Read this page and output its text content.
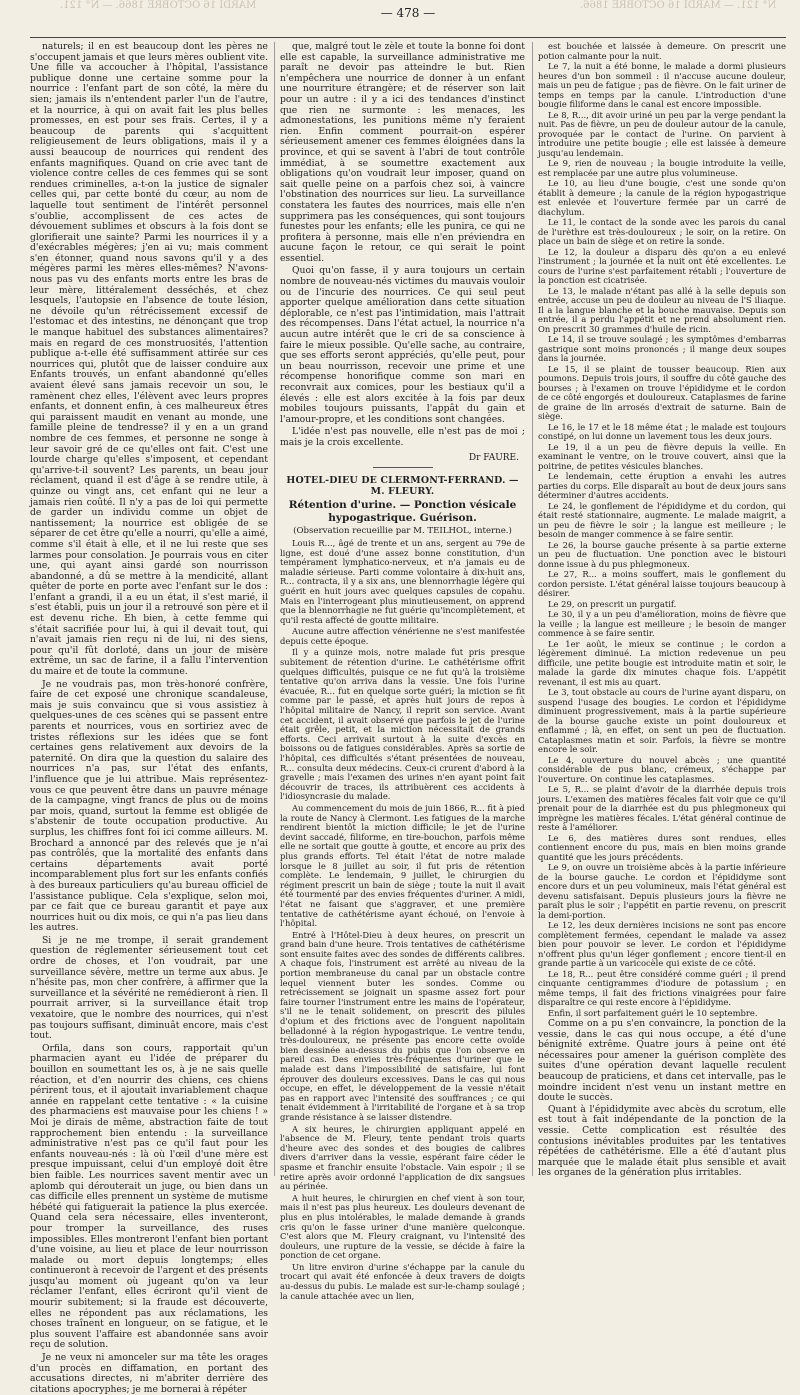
MARDI 16 OCTOBRE 1866. — N° 121.
— 478 —
N° 121. — MARDI 16 OCTOBRE 1866.

naturels; il en est beaucoup dont les pères ne s'occupent jamais et que leurs mères oublient vite. Une fille va accoucher à l'hôpital, l'assistance publique donne une certaine somme pour la nourrice : l'enfant part de son côté, la mère du sien; jamais ils n'entendent parler l'un de l'autre, et la nourrice, à qui on avait fait les plus belles promesses, en est pour ses frais. Certes, il y a beaucoup de parents qui s'acquittent religieusement de leurs obligations, mais il y a aussi beaucoup de nourrices qui rendent des enfants magnifiques. Quand on crie avec tant de violence contre celles de ces femmes qui se sont rendues criminelles, a-t-on la justice de signaler celles qui, par cette bonté du cœur, au nom de laquelle tout sentiment de l'intérêt personnel s'oublie, accomplissent de ces actes de dévouement sublimes et obscurs à la fois dont se glorifierait une sainte? Parmi les nourrices il y a d'exécrables mégères; j'en ai vu; mais comment s'en étonner, quand nous savons qu'il y a des mégères parmi les mères elles-mêmes? N'avons-nous pas vu des enfants morts entre les bras de leur mère, littéralement desséchés, et chez lesquels, l'autopsie en l'absence de toute lésion, ne dévoile qu'un rétrécissement excessif de l'estomac et des intestins, ne dénonçant que trop le manque habituel des substances alimentaires? mais en regard de ces monstruosités, l'attention publique a-t-elle été suffisamment attirée sur ces nourrices qui, plutôt que de laisser conduire aux Enfants trouvés, un enfant abandonné qu'elles avaient élevé sans jamais recevoir un sou, le ramènent chez elles, l'élèvent avec leurs propres enfants, et donnent enfin, à ces malheureux êtres qui paraissent maudit en venant au monde, une famille pleine de tendresse? il y en a un grand nombre de ces femmes, et personne ne songe à leur savoir gré de ce qu'elles ont fait. C'est une lourde charge qu'elles s'imposent, et cependant qu'arrive-t-il souvent? Les parents, un beau jour réclament, quand il est d'âge à se rendre utile, à quinze ou vingt ans, cet enfant qui ne leur a jamais rien coûté. Il n'y a pas de loi qui permette de garder un individu comme un objet de nantissement; la nourrice est obligée de se séparer de cet être qu'elle a nourri, qu'elle a aimé, comme s'il était à elle, et il ne lui reste que ses larmes pour consolation. Je pourrais vous en citer une, qui ayant ainsi gardé son nourrisson abandonné, a dû se mettre à la mendicité, allant quêter de porte en porte avec l'enfant sur le dos : l'enfant a grandi, il a eu un état, il s'est marié, il s'est établi, puis un jour il a retrouvé son père et il est devenu riche. Eh bien, à cette femme qui s'était sacrifiée pour lui, à qui il devait tout, qui n'avait jamais rien reçu ni de lui, ni des siens, pour qu'il fût dorloté, dans un jour de misère extrême, un sac de farine, il a fallu l'intervention du maire et de toute la commune.

Je ne voudrais pas, mon très-honoré confrère, faire de cet exposé une chronique scandaleuse, mais je suis convaincu que si vous assistiez à quelques-unes de ces scènes qui se passent entre parents et nourrices, vous en sortiriez avec de tristes réflexions sur les idées que se font certaines gens relativement aux devoirs de la paternité. On dira que la question du salaire des nourrices n'a pas, sur l'état des enfants, l'influence que je lui attribue. Mais représentez-vous ce que peuvent être dans un pauvre ménage de la campagne, vingt francs de plus ou de moins par mois, quand, surtout la femme est obligée de s'abstenir de toute occupation productive. Au surplus, les chiffres font foi ici comme ailleurs. M. Brochard a annoncé par des relevés que je n'ai pas contrôlés, que la mortalité des enfants dans certains départements avait porté incomparablement plus fort sur les enfants confiés à des bureaux particuliers qu'au bureau officiel de l'assistance publique. Cela s'explique, selon moi, par ce fait que ce bureau garantit et paye aux nourrices huit ou dix mois, ce qui n'a pas lieu dans les autres.

Si je ne me trompe, il serait grandement question de réglementer sérieusement tout cet ordre de choses, et l'on voudrait, par une surveillance sévère, mettre un terme aux abus. Je n'hésite pas, mon cher confrère, à affirmer que la surveillance et la sévérité ne remédieront à rien. Il pourrait arriver, si la surveillance était trop vexatoire, que le nombre des nourrices, qui n'est pas toujours suffisant, diminuât encore, mais c'est tout.

Orfila, dans son cours, rapportait qu'un pharmacien ayant eu l'idée de préparer du bouillon en soumettant les os, à je ne sais quelle réaction, et d'en nourrir des chiens, ces chiens périrent tous, et il ajoutait invariablement chaque année en rappelant cette tentative : « la cuisine des pharmaciens est mauvaise pour les chiens ! » Moi je dirais de même, abstraction faite de tout rapprochement bien entendu : la surveillance administrative n'est pas ce qu'il faut pour les enfants nouveau-nés : là où l'œil d'une mère est presque impuissant, celui d'un employé doit être bien faible. Les nourrices savent mentir avec un aplomb qui dérouterait un juge, ou bien dans un cas difficile elles prennent un système de mutisme hébété qui fatiguerait la patience la plus exercée. Quand cela sera nécessaire, elles inventeront, pour tromper la surveillance, des ruses impossibles. Elles montreront l'enfant bien portant d'une voisine, au lieu et place de leur nourrisson malade ou mort depuis longtemps; elles continueront à recevoir de l'argent et des présents jusqu'au moment où jugeant qu'on va leur réclamer l'enfant, elles écriront qu'il vient de mourir subitement; si la fraude est découverte, elles ne répondent pas aux réclamations, les choses traînent en longueur, on se fatigue, et le plus souvent l'affaire est abandonnée sans avoir reçu de solution.

Je ne veux ni amonceler sur ma tête les orages d'un procès en diffamation, en portant des accusations directes, ni m'abriter derrière des citations apocryphes; je me bornerai à répéter

que, malgré tout le zèle et toute la bonne foi dont elle est capable, la surveillance administrative me paraît ne devoir pas atteindre le but. Rien n'empêchera une nourrice de donner à un enfant une nourriture étrangère; et de réserver son lait pour un autre : il y a ici des tendances d'instinct que rien ne surmonte : les menaces, les admonestations, les punitions même n'y feraient rien. Enfin comment pourrait-on espérer sérieusement amener ces femmes éloignées dans la province, et qui se savent à l'abri de tout contrôle immédiat, à se soumettre exactement aux obligations qu'on voudrait leur imposer, quand on sait quelle peine on a parfois chez soi, à vaincre l'obstination des nourrices sur lieu. La surveillance constatera les fautes des nourrices, mais elle n'en supprimera pas les conséquences, qui sont toujours funestes pour les enfants; elle les punira, ce qui ne profitera à personne, mais elle n'en préviendra en aucune façon le retour, ce qui serait le point essentiel.

Quoi qu'on fasse, il y aura toujours un certain nombre de nouveau-nés victimes du mauvais vouloir ou de l'incurie des nourrices. Ce qui seul peut apporter quelque amélioration dans cette situation déplorable, ce n'est pas l'intimidation, mais l'attrait des récompenses. Dans l'état actuel, la nourrice n'a aucun autre intérêt que le cri de sa conscience à faire le mieux possible. Qu'elle sache, au contraire, que ses efforts seront appréciés, qu'elle peut, pour un beau nourrisson, recevoir une prime et une récompense honorifique comme son mari en reconvrait aux comices, pour les bestiaux qu'il a élevés : elle est alors excitée à la fois par deux mobiles toujours puissants, l'appât du gain et l'amour-propre, et les conditions sont changées.

L'idée n'est pas nouvelle, elle n'est pas de moi ; mais je la crois excellente.

Dr FAURE.

HOTEL-DIEU DE CLERMONT-FERRAND. — M. FLEURY.

Rétention d'urine. — Ponction vésicale hypogastrique. Guérison.

(Observation recueillie par M. TEILHOL, interne.)

Louis R..., âgé de trente et un ans, sergent au 79e de ligne, est doué d'une assez bonne constitution, d'un tempérament lymphatico-nerveux, et n'a jamais eu de maladie sérieuse. Parti comme volontaire à dix-huit ans, R... contracta, il y a six ans, une blennorrhagie légère qui guérit en huit jours avec quelques capsules de copahu. Mais en l'interrogeant plus minutieusement, on apprend que la blennorrhagie ne fut guérie qu'incomplètement, et qu'il resta affecté de goutte militaire.

Aucune autre affection vénérienne ne s'est manifestée depuis cette époque.

Il y a quinze mois, notre malade fut pris presque subitement de rétention d'urine. Le cathétérisme offrit quelques difficultés, puisque ce ne fut qu'à la troisième tentative qu'on arriva dans la vessie. Une fois l'urine évacuée, R... fut en quelque sorte guéri; la miction se fit comme par le passé, et après huit jours de repos à l'hôpital militaire de Nancy, il reprit son service. Avant cet accident, il avait observé que parfois le jet de l'urine était grêle, petit, et la miction nécessitait de grands efforts. Ceci arrivait surtout à la suite d'excès en boissons ou de fatigues considérables. Après sa sortie de l'hôpital, ces difficultés s'étant présentées de nouveau, R... consulta deux médecins. Ceux-ci crurent d'abord à la gravelle ; mais l'examen des urines n'en ayant point fait découvrir de traces, ils attribuèrent ces accidents à l'idiosyncrasie du malade.

Au commencement du mois de juin 1866, R... fit à pied la route de Nancy à Clermont. Les fatigues de la marche rendirent bientôt la miction difficile; le jet de l'urine devint saccadé, filiforme, en tire-bouchon, parfois même elle ne sortait que goutte à goutte, et encore au prix des plus grands efforts. Tel était l'état de notre malade lorsque le 8 juillet au soir, il fut pris de rétention complète. Le lendemain, 9 juillet, le chirurgien du régiment prescrit un bain de siège ; toute la nuit il avait été tourmenté par des envies fréquentes d'uriner. A midi, l'état ne faisant que s'aggraver, et une première tentative de cathétérisme ayant échoué, on l'envoie à l'hôpital.

Entré à l'Hôtel-Dieu à deux heures, on prescrit un grand bain d'une heure. Trois tentatives de cathétérisme sont ensuite faites avec des sondes de différents calibres. A chaque fois, l'instrument est arrêté au niveau de la portion membraneuse du canal par un obstacle contre lequel viennent buter les sondes. Comme ou retrécissement se joignait un spasme assez fort pour faire tourner l'instrument entre les mains de l'opérateur, s'il ne le tenait solidement, on prescrit des pilules d'opium et des frictions avec de l'onguent napolitain belladonné à la région hypogastrique. Le ventre tendu, très-douloureux, ne présente pas encore cette ovoïde bien dessinée au-dessus du pubis que l'on observe en pareil cas. Des envies très-fréquentes d'uriner que le malade est dans l'impossibilité de satisfaire, lui font éprouver des douleurs excessives. Dans le cas qui nous occupe, en effet, le développement de la vessie n'était pas en rapport avec l'intensité des souffrances ; ce qui tenait évidemment à l'irritabilité de l'organe et à sa trop grande résistance à se laisser distendre.

A six heures, le chirurgien appliquant appelé en l'absence de M. Fleury, tente pendant trois quarts d'heure avec des sondes et des bougies de calibres divers d'arriver dans la vessie, espérant faire céder le spasme et franchir ensuite l'obstacle. Vain espoir ; il se retire après avoir ordonné l'application de dix sangsues au périnée.

A huit heures, le chirurgien en chef vient à son tour, mais il n'est pas plus heureux. Les douleurs devenant de plus en plus intolérables, le malade demande à grands cris qu'on le fasse uriner d'une manière quelconque. C'est alors que M. Fleury craignant, vu l'intensité des douleurs, une rupture de la vessie, se décide à faire la ponction de cet organe.

Un litre environ d'urine s'échappe par la canule du trocart qui avait été enfoncée à deux travers de doigts au-dessus du pubis. Le malade est sur-le-champ soulagé ; la canule attachée avec un lien,

est bouchée et laissée à demeure. On prescrit une potion calmante pour la nuit.

Le 7, la nuit a été bonne, le malade a dormi plusieurs heures d'un bon sommeil : il n'accuse aucune douleur, mais un peu de fatigue ; pas de fièvre. On le fait uriner de temps en temps par la canule. L'introduction d'une bougie filiforme dans le canal est encore impossible.

Le 8, R..., dit avoir uriné un peu par la verge pendant la nuit. Pas de fièvre, un peu de douleur autour de la canule, provoquée par le contact de l'urine. On parvient à introduire une petite bougie ; elle est laissée à demeure jusqu'au lendemain.

Le 9, rien de nouveau ; la bougie introduite la veille, est remplacée par une autre plus volumineuse.

Le 10, au lieu d'une bougie, c'est une sonde qu'on établit à demeure ; la canule de la région hypogastrique est enlevée et l'ouverture fermée par un carré de diachylum.

Le 11, le contact de la sonde avec les parois du canal de l'urèthre est très-douloureux ; le soir, on la retire. On place un bain de siège et on retire la sonde.

Le 12, la douleur a disparu dès qu'on a eu enlevé l'instrument ; la journée et la nuit ont été excellentes. Le cours de l'urine s'est parfaitement rétabli ; l'ouverture de la ponction est cicatrisée.

Le 13, le malade n'étant pas allé à la selle depuis son entrée, accuse un peu de douleur au niveau de l'S iliaque. Il a la langue blanche et la bouche mauvaise. Depuis son entrée, il a perdu l'appétit et ne prend absolument rien. On prescrit 30 grammes d'huile de ricin.

Le 14, il se trouve soulagé ; les symptômes d'embarras gastrique sont moins prononcés ; il mange deux soupes dans la journée.

Le 15, il se plaint de tousser beaucoup. Rien aux poumons. Depuis trois jours, il souffre du côté gauche des bourses ; à l'examen on trouve l'épididyme et le cordon de ce côté engorgés et douloureux. Cataplasmes de farine de graine de lin arrosés d'extrait de saturne. Bain de siège.

Le 16, le 17 et le 18 même état ; le malade est toujours constipé, on lui donne un lavement tous les deux jours.

Le 19, il a un peu de fièvre depuis la veille. En examinant le ventre, on le trouve couvert, ainsi que la poitrine, de petites vésicules blanches.

Le lendemain, cette éruption a envahi les autres parties du corps. Elle disparaît au bout de deux jours sans déterminer d'autres accidents.

Le 24, le gonflement de l'épididyme et du cordon, qui était resté stationnaire, augmente. Le malade maigrit, a un peu de fièvre le soir ; la langue est meilleure ; le besoin de manger commence à se faire sentir.

Le 26, la bourse gauche présente à sa partie externe un peu de fluctuation. Une ponction avec le bistouri donne issue à du pus phlegmoneux.

Le 27, R... a moins souffert, mais le gonflement du cordon persiste. L'état général laisse toujours beaucoup à désirer.

Le 29, on prescrit un purgatif.

Le 30, il y a un peu d'amélioration, moins de fièvre que la veille ; la langue est meilleure ; le besoin de manger commence à se faire sentir.

Le 1er août, le mieux se continue ; le cordon a légèrement diminué. La miction redevenue un peu difficile, une petite bougie est introduite matin et soir, le malade la garde dix minutes chaque fois. L'appétit revenant, il est mis au quart.

Le 3, tout obstacle au cours de l'urine ayant disparu, on suspend l'usage des bougies. Le cordon et l'épididyme diminuent progressivement, mais à la partie supérieure de la bourse gauche existe un point douloureux et enflammé ; là, en effet, on sent un peu de fluctuation. Cataplasmes matin et soir. Parfois, la fièvre se montre encore le soir.

Le 4, ouverture du nouvel abcès ; une quantité considérable de pus blanc, crémeux, s'échappe par l'ouverture. On continue les cataplasmes.

Le 5, R... se plaint d'avoir de la diarrhée depuis trois jours. L'examen des matières fécales fait voir que ce qu'il prenait pour de la diarrhée est du pus phlegmoneux qui imprègne les matières fécales. L'état général continue de reste à l'améliorer.

Le 6, des matières dures sont rendues, elles contiennent encore du pus, mais en bien moins grande quantité que les jours précédents.

Le 9, on ouvre un troisième abcès à la partie inférieure de la bourse gauche. Le cordon et l'épididyme sont encore durs et un peu volumineux, mais l'état général est devenu satisfaisant. Depuis plusieurs jours la fièvre ne paraît plus le soir ; l'appétit en partie revenu, on prescrit la demi-portion.

Le 12, les deux dernières incisions ne sont pas encore complètement fermées, cependant le malade va assez bien pour pouvoir se lever. Le cordon et l'épididyme n'offrent plus qu'un léger gonflement ; encore tient-il en grande partie à un varicocèle qui existe de ce côté.

Le 18, R... peut être considéré comme guéri ; il prend cinquante centigrammes d'iodure de potassium ; en même temps, il fait des frictions vinaigrées pour faire disparaître ce qui reste encore à l'épididyme.

Enfin, il sort parfaitement guéri le 10 septembre.

Comme on a pu s'en convaincre, la ponction de la vessie, dans le cas qui nous occupe, a été d'une bénignité extrême. Quatre jours à peine ont été nécessaires pour amener la guérison complète des suites d'une opération devant laquelle reculent beaucoup de praticiens, et dans cet intervalle, pas le moindre incident n'est venu un instant mettre en doute le succès.

Quant à l'épididymite avec abcès du scrotum, elle est tout à fait indépendante de la ponction de la vessie. Cette complication est résultée des contusions inévitables produites par les tentatives répétées de cathétérisme. Elle a été d'autant plus marquée que le malade était plus sensible et avait les organes de la génération plus irritables.
